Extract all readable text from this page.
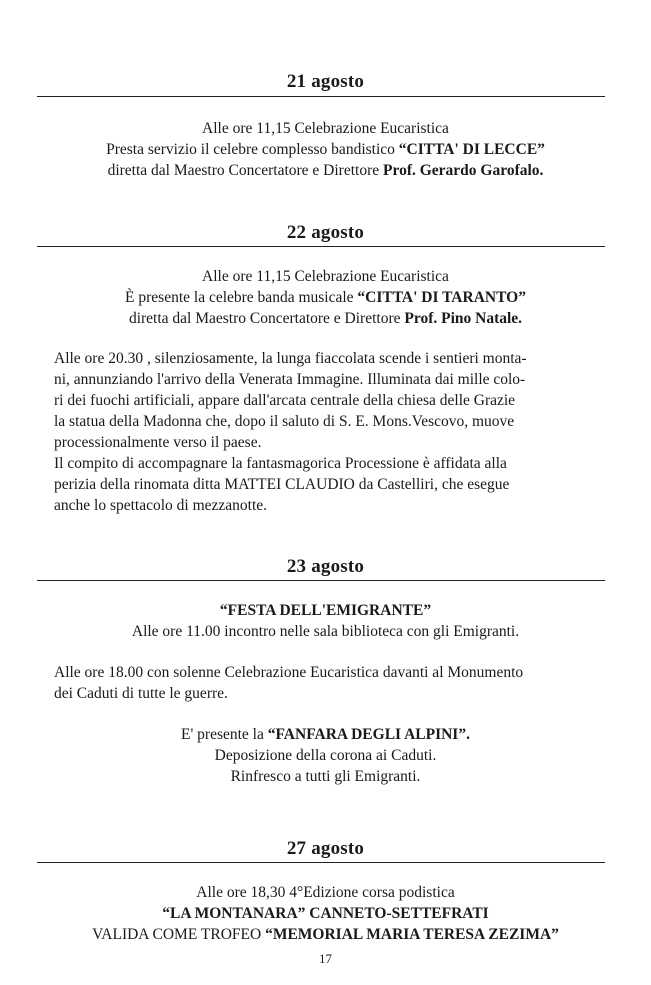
21 agosto
Alle ore 11,15 Celebrazione Eucaristica
Presta servizio il celebre complesso bandistico “CITTA' DI LECCE”
diretta dal Maestro Concertatore e Direttore Prof. Gerardo Garofalo.
22 agosto
Alle ore 11,15 Celebrazione Eucaristica
È presente la celebre banda musicale “CITTA' DI TARANTO”
diretta dal Maestro Concertatore e Direttore Prof. Pino Natale.
Alle ore 20.30 , silenziosamente, la lunga fiaccolata scende i sentieri monta-
ni, annunziando l'arrivo della Venerata Immagine. Illuminata dai mille colo-
ri dei fuochi artificiali, appare dall'arcata centrale della chiesa delle Grazie
la statua della Madonna che, dopo il saluto di S. E. Mons.Vescovo, muove
processionalmente verso il paese.
Il compito di accompagnare la fantasmagorica Processione è affidata alla
perizia della rinomata ditta MATTEI CLAUDIO da Castelliri, che esegue
anche lo spettacolo di mezzanotte.
23 agosto
“FESTA DELL'EMIGRANTE”
Alle ore 11.00 incontro nelle sala biblioteca con gli Emigranti.
Alle ore 18.00 con solenne Celebrazione Eucaristica davanti al Monumento
dei Caduti di tutte le guerre.
E' presente la “FANFARA DEGLI ALPINI”.
Deposizione della corona ai Caduti.
Rinfresco a tutti gli Emigranti.
27 agosto
Alle ore 18,30 4°Edizione corsa podistica
“LA MONTANARA” CANNETO-SETTEFRATI
VALIDA COME TROFEO “MEMORIAL MARIA TERESA ZEZIMA”
17
